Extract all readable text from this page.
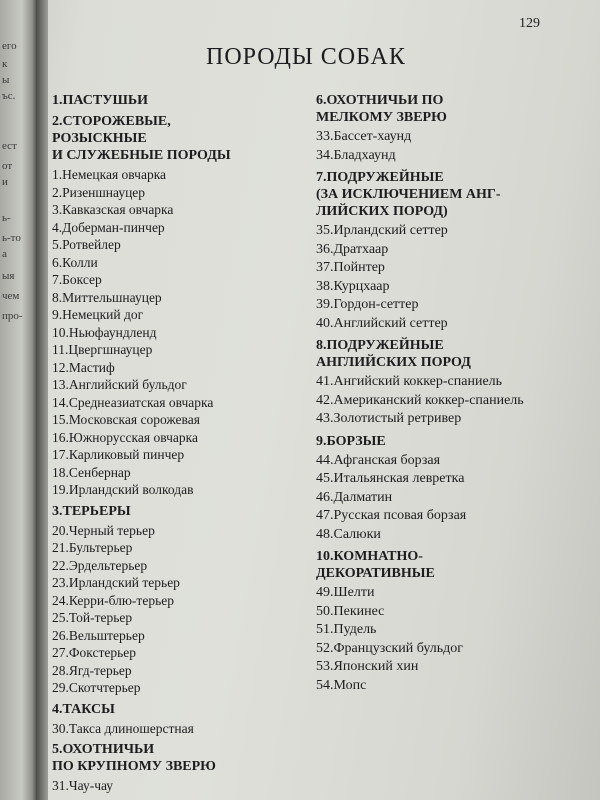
его
к
ы
ъс.
ест
от
и
ь-
ь-то
а
ыя
чем
про-
129
ПОРОДЫ СОБАК
1.ПАСТУШЬИ
2.СТОРОЖЕВЫЕ,
РОЗЫСКНЫЕ
И СЛУЖЕБНЫЕ ПОРОДЫ
1.Немецкая овчарка
2.Ризеншнауцер
3.Кавказская овчарка
4.Доберман-пинчер
5.Ротвейлер
6.Колли
7.Боксер
8.Миттельшнауцер
9.Немецкий дог
10.Ньюфаундленд
11.Цвергшнауцер
12.Мастиф
13.Английский бульдог
14.Среднеазиатская овчарка
15.Московская сорожевая
16.Южнорусская овчарка
17.Карликовый пинчер
18.Сенбернар
19.Ирландский волкодав
3.ТЕРЬЕРЫ
20.Черный терьер
21.Бультерьер
22.Эрдельтерьер
23.Ирландский терьер
24.Керри-блю-терьер
25.Той-терьер
26.Вельштерьер
27.Фокстерьер
28.Ягд-терьер
29.Скотчтерьер
4.ТАКСЫ
30.Такса длиношерстная
5.ОХОТНИЧЬИ
ПО КРУПНОМУ ЗВЕРЮ
31.Чау-чау
6.ОХОТНИЧЬИ ПО
МЕЛКОМУ ЗВЕРЮ
33.Бассет-хаунд
34.Бладхаунд
7.ПОДРУЖЕЙНЫЕ
(ЗА ИСКЛЮЧЕНИЕМ АНГ-
ЛИЙСКИХ ПОРОД)
35.Ирландский сеттер
36.Дратхаар
37.Пойнтер
38.Курцхаар
39.Гордон-сеттер
40.Английский сеттер
8.ПОДРУЖЕЙНЫЕ
АНГЛИЙСКИХ ПОРОД
41.Ангийский коккер-спаниель
42.Американский коккер-спаниель
43.Золотистый ретривер
9.БОРЗЫЕ
44.Афганская борзая
45.Итальянская левретка
46.Далматин
47.Русская псовая борзая
48.Салюки
10.КОМНАТНО-
ДЕКОРАТИВНЫЕ
49.Шелти
50.Пекинес
51.Пудель
52.Французский бульдог
53.Японский хин
54.Мопс
